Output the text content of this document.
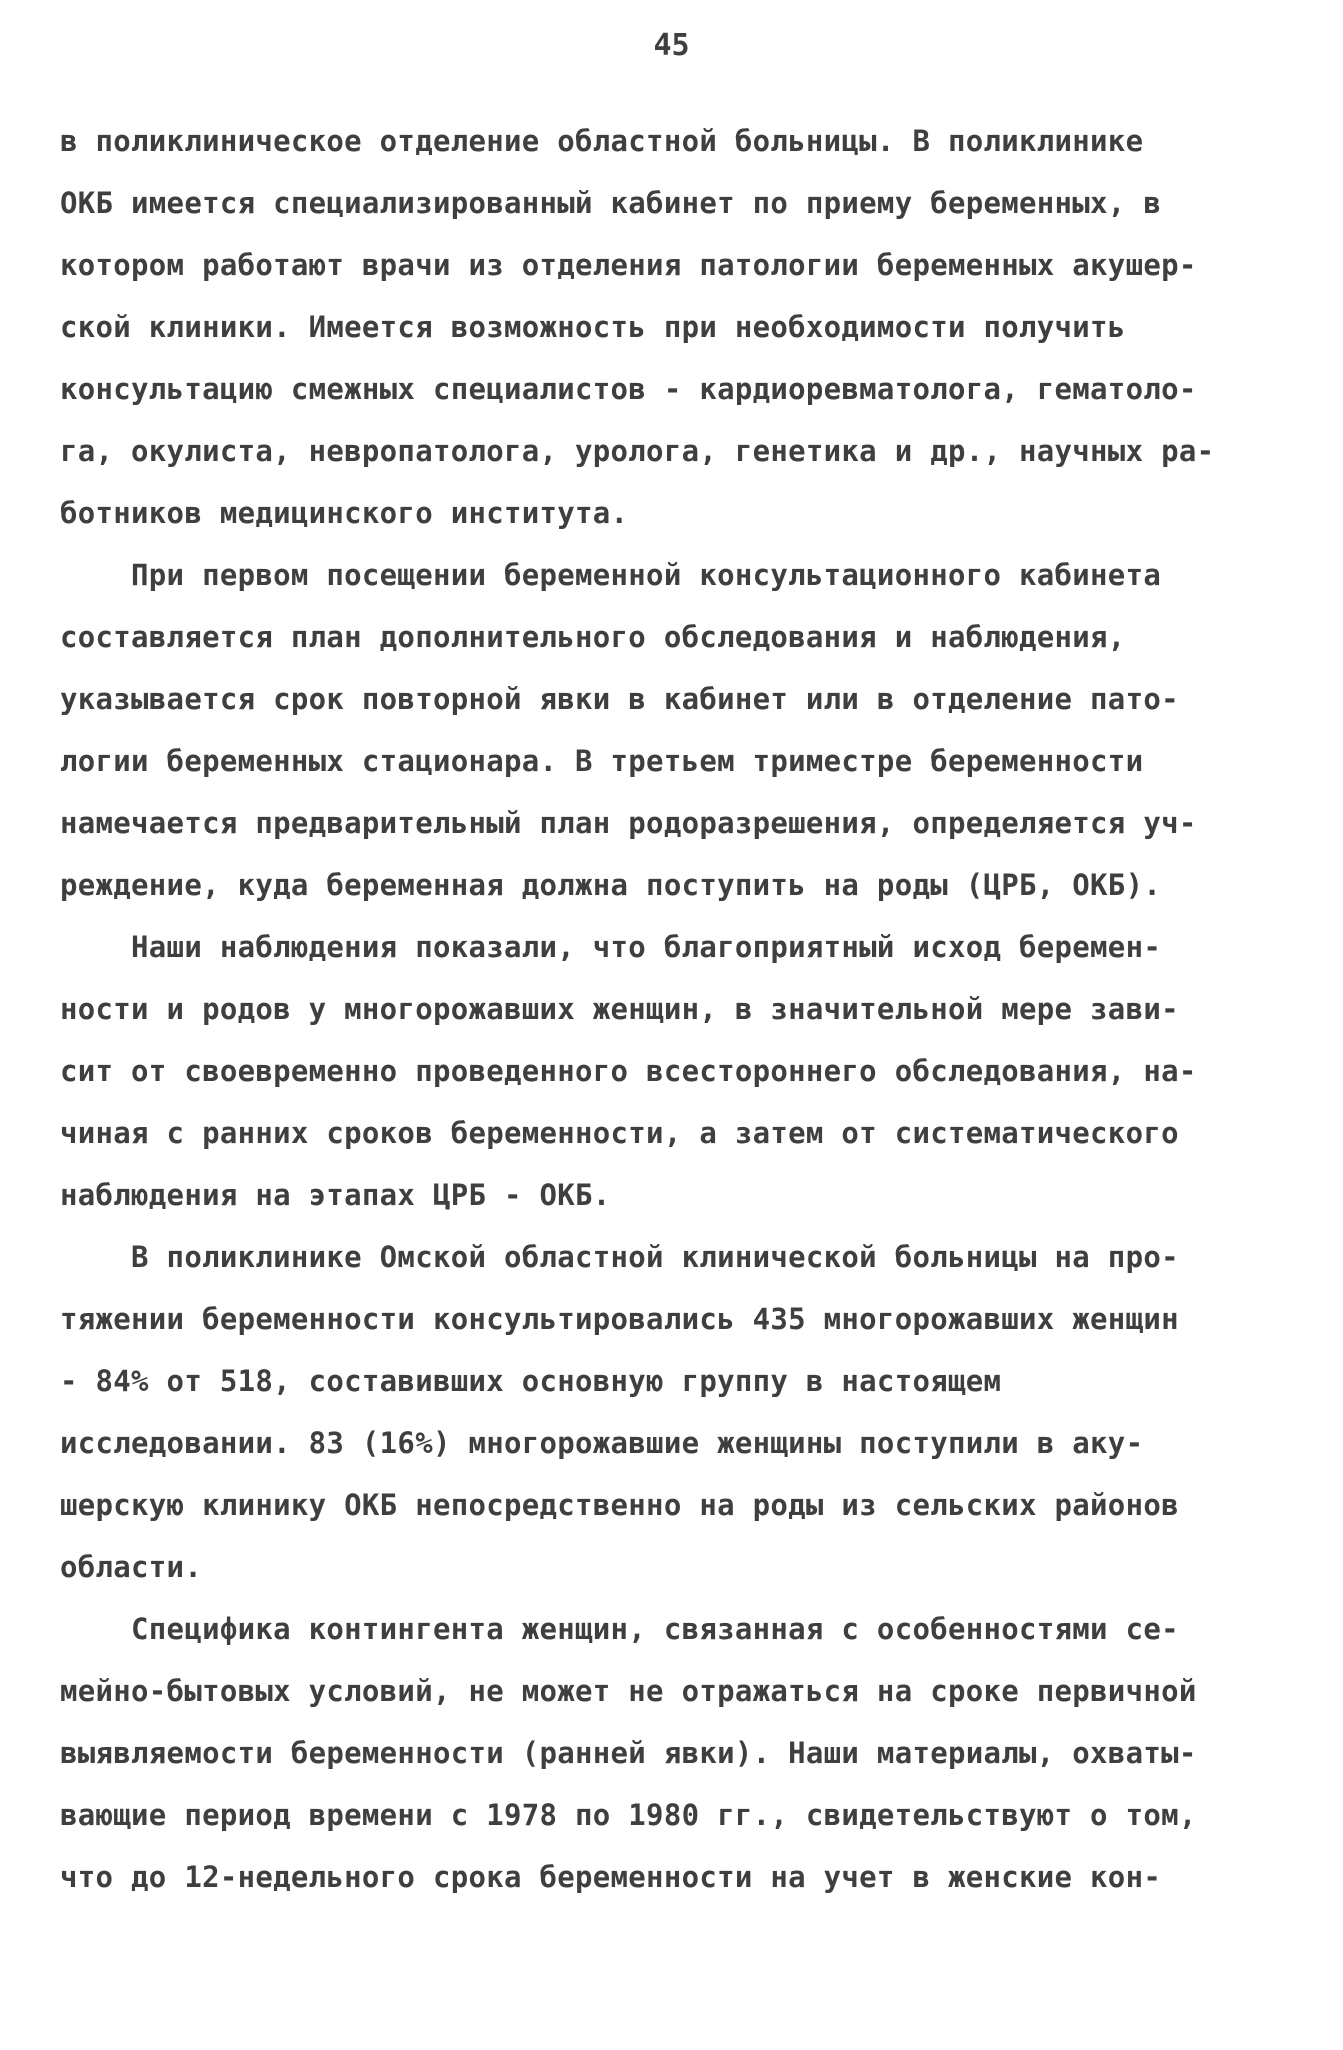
45
в поликлиническое отделение областной больницы. В поликлинике
ОКБ имеется специализированный кабинет по приему беременных, в
котором работают врачи из отделения патологии беременных акушер-
ской клиники. Имеется возможность при необходимости получить
консультацию смежных специалистов - кардиоревматолога, гематоло-
га, окулиста, невропатолога, уролога, генетика и др., научных ра-
ботников медицинского института.
При первом посещении беременной консультационного кабинета
составляется план дополнительного обследования и наблюдения,
указывается срок повторной явки в кабинет или в отделение пато-
логии беременных стационара. В третьем триместре беременности
намечается предварительный план родоразрешения, определяется уч-
реждение, куда беременная должна поступить на роды (ЦРБ, ОКБ).
Наши наблюдения показали, что благоприятный исход беремен-
ности и родов у многорожавших женщин, в значительной мере зави-
сит от своевременно проведенного всестороннего обследования, на-
чиная с ранних сроков беременности, а затем от систематического
наблюдения на этапах ЦРБ - ОКБ.
В поликлинике Омской областной клинической больницы на про-
тяжении беременности консультировались 435 многорожавших женщин
- 84% от 518, составивших основную группу в настоящем
исследовании. 83 (16%) многорожавшие женщины поступили в аку-
шерскую клинику ОКБ непосредственно на роды из сельских районов
области.
Специфика контингента женщин, связанная с особенностями се-
мейно-бытовых условий, не может не отражаться на сроке первичной
выявляемости беременности (ранней явки). Наши материалы, охваты-
вающие период времени с 1978 по 1980 гг., свидетельствуют о том,
что до 12-недельного срока беременности на учет в женские кон-
